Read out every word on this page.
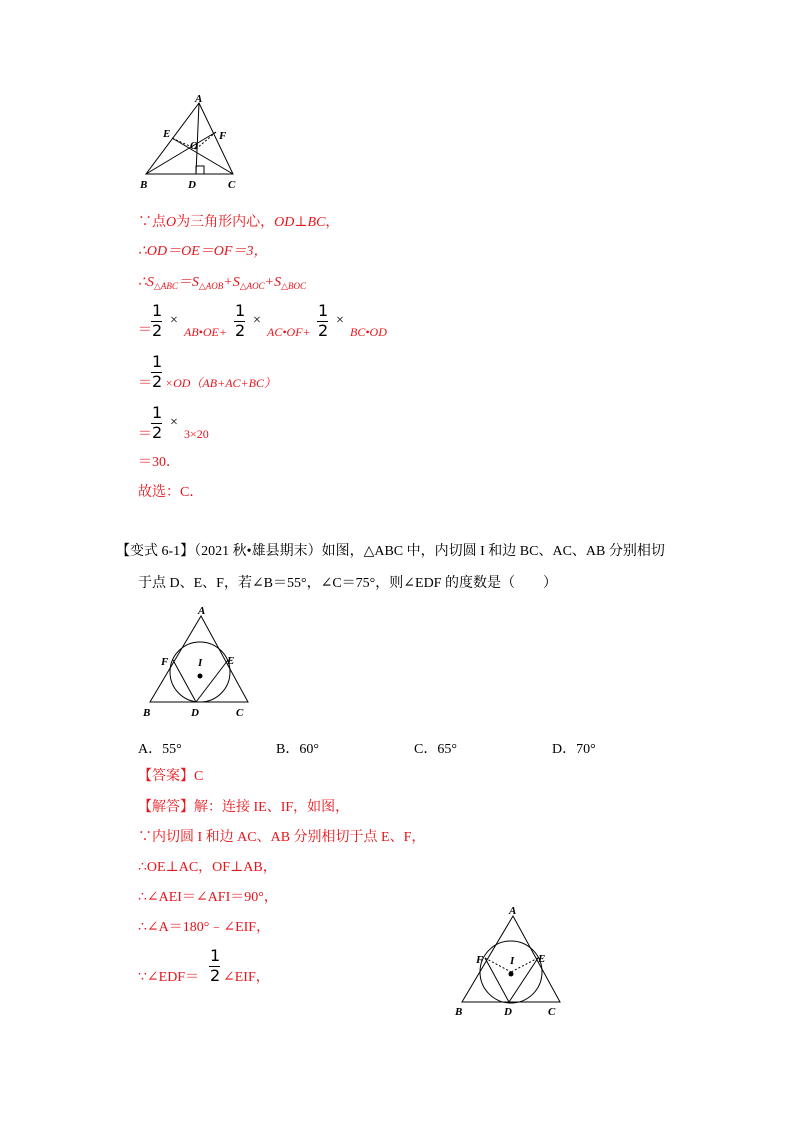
A
E	F
O
B	D	C
∵点O为三角形内心，OD⊥BC，
∴OD＝OE＝OF＝3，
$\therefore S_{\triangle ABC}=S_{\triangle AOB}+S_{\triangle AOC}+S_{\triangle BOC}$
＝
1
2
×
AB•OE+
1
2
×
AC•OF+
1
2
×
BC•OD
＝
1
2 ×OD（AB+AC+BC）
＝
1
2
×
3×20
＝30．
故选：C．
【变式 6-1】（2021 秋•雄县期末）如图，△ABC 中，内切圆 I 和边 BC、AC、AB 分别相切
于点 D、E、F，若∠B＝55°，∠C＝75°，则∠EDF 的度数是（　　）
A
F	I E
B	D	C
A．55°	B．60°	C．65°	D．70°
【答案】C
【解答】解：连接 IE、IF，如图，
∵内切圆 I 和边 AC、AB 分别相切于点 E、F，
∴OE⊥AC，OF⊥AB，
∴∠AEI＝∠AFI＝90°，
∴∠A＝180°﹣∠EIF，
∵∠EDF＝
1
2 ∠EIF，
A
F I E
B	D	C
